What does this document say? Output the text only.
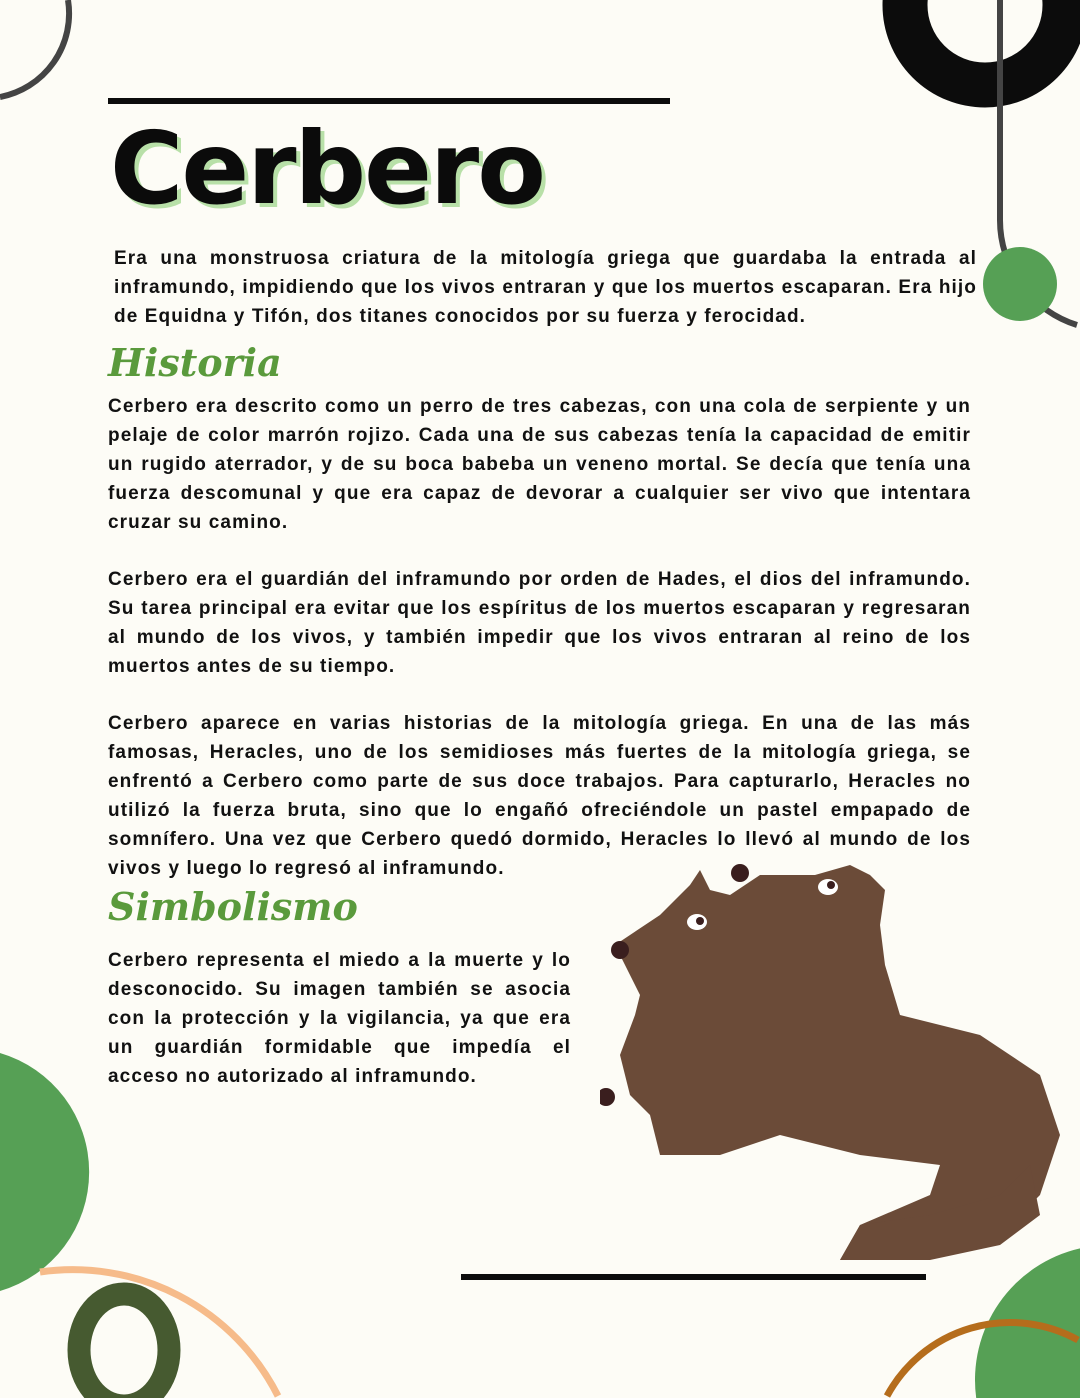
Cerbero

Era una monstruosa criatura de la mitología griega que guardaba la entrada al inframundo, impidiendo que los vivos entraran y que los muertos escaparan. Era hijo de Equidna y Tifón, dos titanes conocidos por su fuerza y ferocidad.

Historia

Cerbero era descrito como un perro de tres cabezas, con una cola de serpiente y un pelaje de color marrón rojizo. Cada una de sus cabezas tenía la capacidad de emitir un rugido aterrador, y de su boca babeba un veneno mortal. Se decía que tenía una fuerza descomunal y que era capaz de devorar a cualquier ser vivo que intentara cruzar su camino.

Cerbero era el guardián del inframundo por orden de Hades, el dios del inframundo. Su tarea principal era evitar que los espíritus de los muertos escaparan y regresaran al mundo de los vivos, y también impedir que los vivos entraran al reino de los muertos antes de su tiempo.

Cerbero aparece en varias historias de la mitología griega. En una de las más famosas, Heracles, uno de los semidioses más fuertes de la mitología griega, se enfrentó a Cerbero como parte de sus doce trabajos. Para capturarlo, Heracles no utilizó la fuerza bruta, sino que lo engañó ofreciéndole un pastel empapado de somnífero. Una vez que Cerbero quedó dormido, Heracles lo llevó al mundo de los vivos y luego lo regresó al inframundo.

Simbolismo

Cerbero representa el miedo a la muerte y lo desconocido. Su imagen también se asocia con la protección y la vigilancia, ya que era un guardián formidable que impedía el acceso no autorizado al inframundo.
